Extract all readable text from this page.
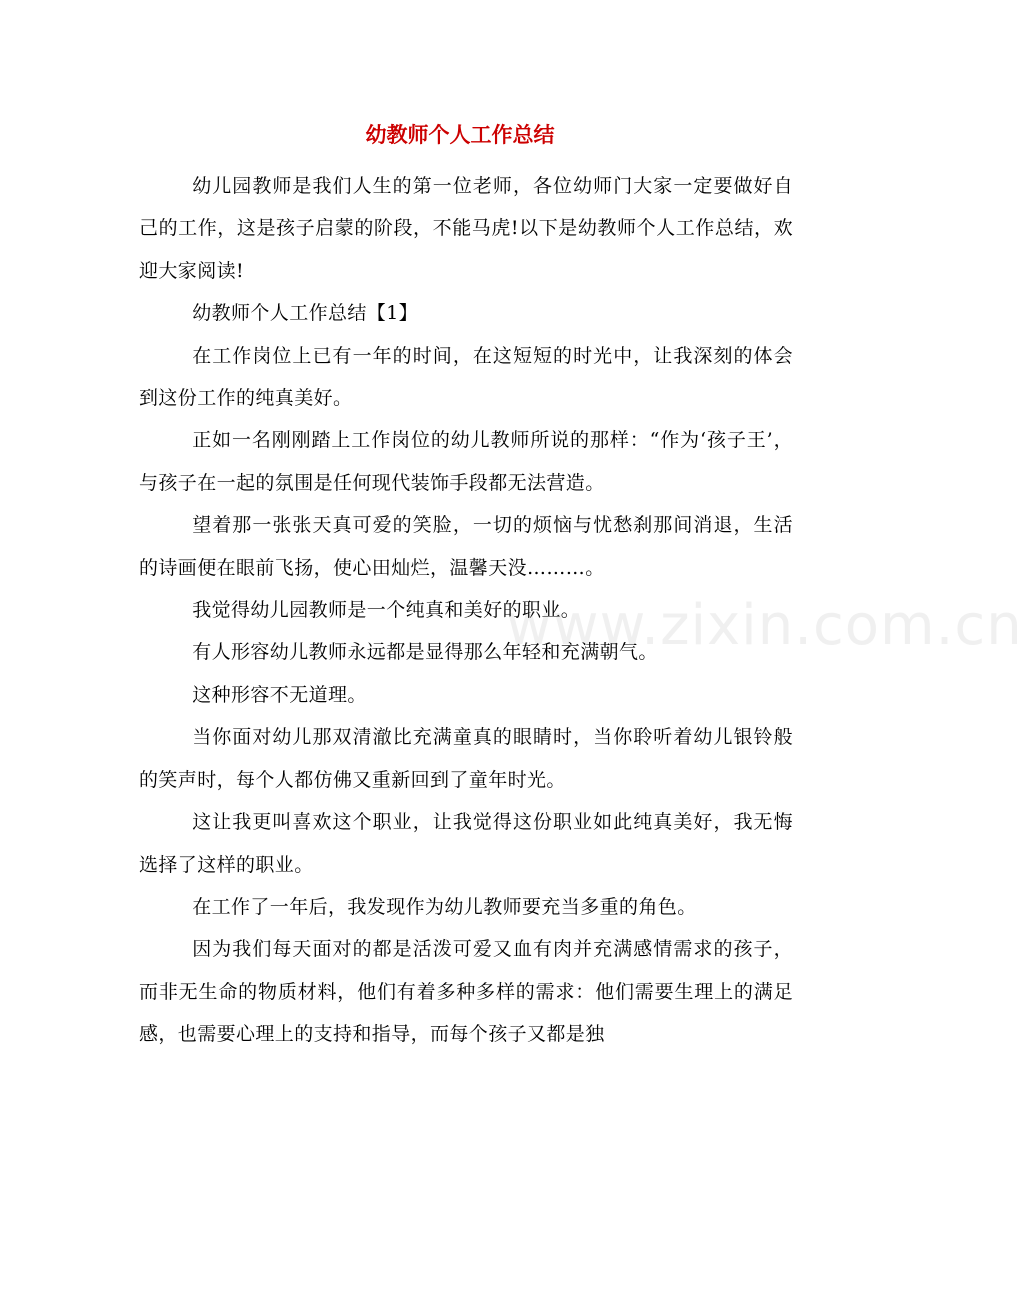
www.zixin.com.cn
幼教师个人工作总结

幼儿园教师是我们人生的第一位老师，各位幼师门大家一定要做好自己的工作，这是孩子启蒙的阶段，不能马虎!以下是幼教师个人工作总结，欢迎大家阅读!

幼教师个人工作总结【1】

在工作岗位上已有一年的时间，在这短短的时光中，让我深刻的体会到这份工作的纯真美好。

正如一名刚刚踏上工作岗位的幼儿教师所说的那样：“作为‘孩子王’，与孩子在一起的氛围是任何现代装饰手段都无法营造。

望着那一张张天真可爱的笑脸，一切的烦恼与忧愁刹那间消退，生活的诗画便在眼前飞扬，使心田灿烂，温馨天没………。

我觉得幼儿园教师是一个纯真和美好的职业。

有人形容幼儿教师永远都是显得那么年轻和充满朝气。

这种形容不无道理。

当你面对幼儿那双清澈比充满童真的眼睛时，当你聆听着幼儿银铃般的笑声时，每个人都仿佛又重新回到了童年时光。

这让我更叫喜欢这个职业，让我觉得这份职业如此纯真美好，我无悔选择了这样的职业。

在工作了一年后，我发现作为幼儿教师要充当多重的角色。

因为我们每天面对的都是活泼可爱又血有肉并充满感情需求的孩子，而非无生命的物质材料，他们有着多种多样的需求：他们需要生理上的满足感，也需要心理上的支持和指导，而每个孩子又都是独
